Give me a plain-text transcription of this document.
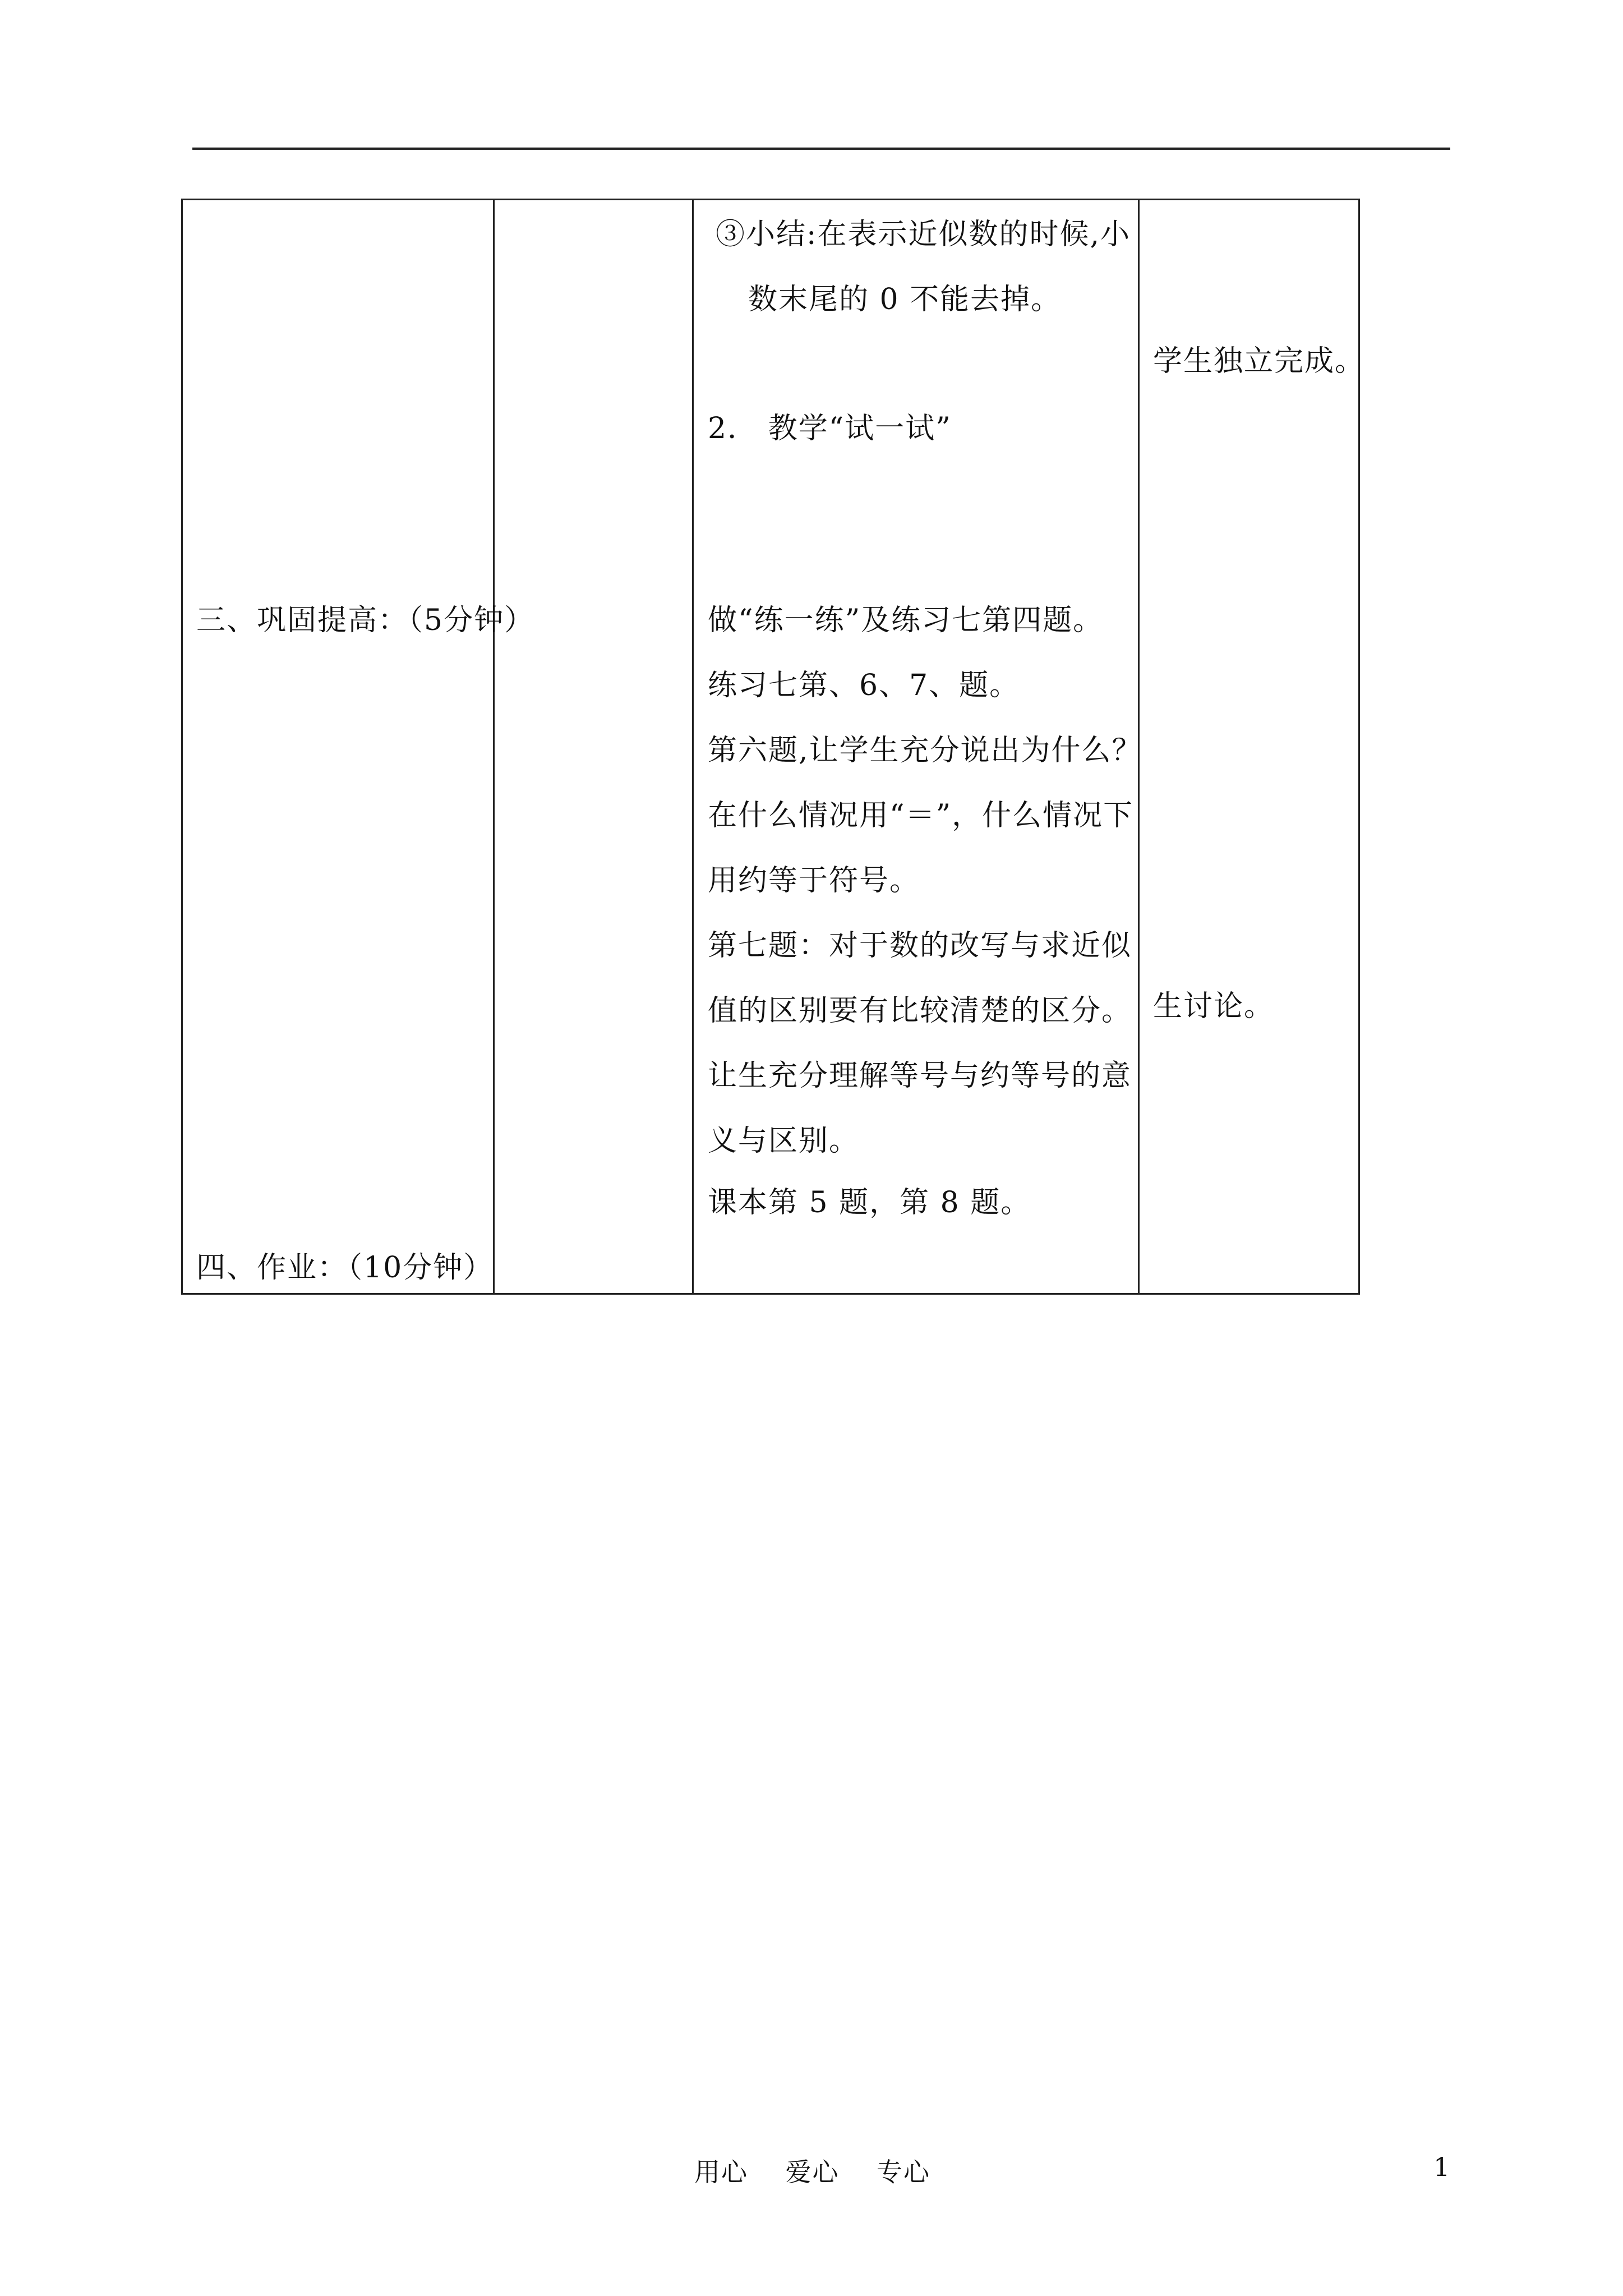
三、巩固提高：（5分钟）
四、作业：（10分钟）
③小结:在表示近似数的时候,小
数末尾的 0 不能去掉。
2． 教学“试一试”
做“练一练”及练习七第四题。
练习七第、6、7、题。
第六题,让学生充分说出为什么？
在什么情况用“＝”，什么情况下
用约等于符号。
第七题：对于数的改写与求近似
值的区别要有比较清楚的区分。
让生充分理解等号与约等号的意
义与区别。
课本第 5 题，第 8 题。
学生独立完成。
生讨论。
用心    爱心    专心	1
